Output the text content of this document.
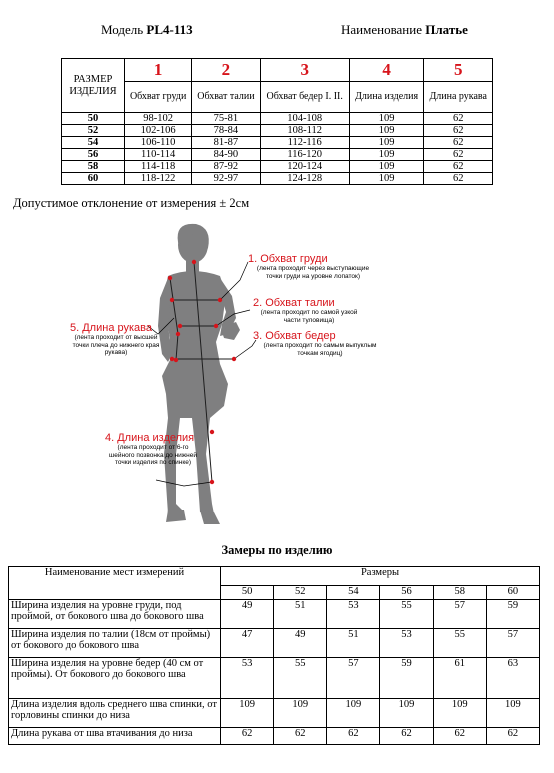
Модель PL4-113	Наименование Платье
РАЗМЕР ИЗДЕЛИЯ	1	2	3	4	5
	Обхват груди	Обхват талии	Обхват бедер I. II.	Длина изделия	Длина рукава
50	98-102	75-81	104-108	109	62
52	102-106	78-84	108-112	109	62
54	106-110	81-87	112-116	109	62
56	110-114	84-90	116-120	109	62
58	114-118	87-92	120-124	109	62
60	118-122	92-97	124-128	109	62
Допустимое отклонение от измерения ± 2см
1. Обхват груди
(лента проходит через выступающие точки груди на уровне лопаток)
2. Обхват талии
(лента проходит по самой узкой части туловища)
3. Обхват бедер
(лента проходит по самым выпуклым точкам ягодиц)
5. Длина рукава
(лента проходит от высшей точки плеча до нижнего края рукава)
4. Длина изделия
(лента проходит от 6-го шейного позвонка до нижней точки изделия по спинке)
Замеры по изделию
Наименование мест измерений	Размеры					
	50	52	54	56	58	60
Ширина изделия на уровне груди, под проймой, от бокового шва до бокового шва	49	51	53	55	57	59
Ширина изделия по талии (18см от проймы) от бокового до бокового шва	47	49	51	53	55	57
Ширина изделия на уровне бедер (40 см от проймы). От бокового до бокового шва	53	55	57	59	61	63
Длина изделия вдоль среднего шва спинки, от горловины спинки до низа	109	109	109	109	109	109
Длина рукава от шва втачивания до низа	62	62	62	62	62	62
